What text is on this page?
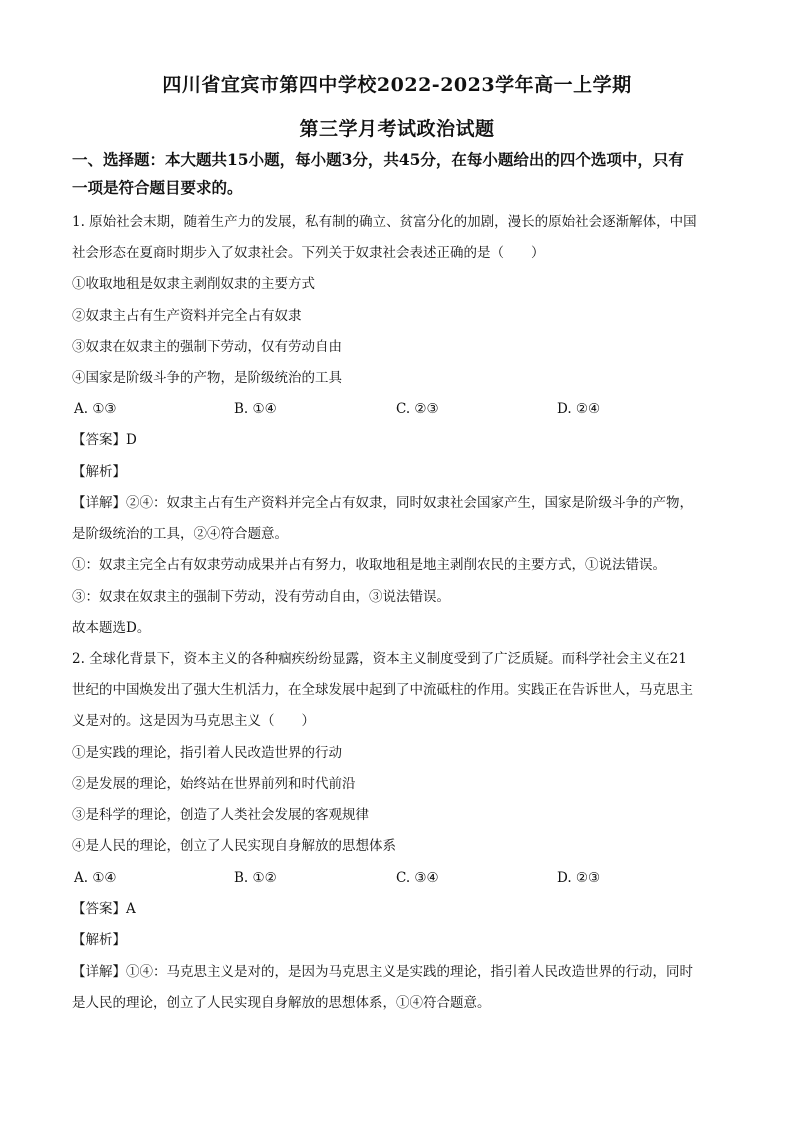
四川省宜宾市第四中学校2022-2023学年高一上学期
第三学月考试政治试题
一、选择题：本大题共15小题，每小题3分，共45分，在每小题给出的四个选项中，只有
一项是符合题目要求的。
1. 原始社会末期，随着生产力的发展，私有制的确立、贫富分化的加剧，漫长的原始社会逐渐解体，中国
社会形态在夏商时期步入了奴隶社会。下列关于奴隶社会表述正确的是（　　）
①收取地租是奴隶主剥削奴隶的主要方式
②奴隶主占有生产资料并完全占有奴隶
③奴隶在奴隶主的强制下劳动，仅有劳动自由
④国家是阶级斗争的产物，是阶级统治的工具
A. ①③	B. ①④	C. ②③	D. ②④
【答案】D
【解析】
【详解】②④：奴隶主占有生产资料并完全占有奴隶，同时奴隶社会国家产生，国家是阶级斗争的产物，
是阶级统治的工具，②④符合题意。
①：奴隶主完全占有奴隶劳动成果并占有努力，收取地租是地主剥削农民的主要方式，①说法错误。
③：奴隶在奴隶主的强制下劳动，没有劳动自由，③说法错误。
故本题选D。
2. 全球化背景下，资本主义的各种痼疾纷纷显露，资本主义制度受到了广泛质疑。而科学社会主义在21
世纪的中国焕发出了强大生机活力，在全球发展中起到了中流砥柱的作用。实践正在告诉世人，马克思主
义是对的。这是因为马克思主义（　　）
①是实践的理论，指引着人民改造世界的行动
②是发展的理论，始终站在世界前列和时代前沿
③是科学的理论，创造了人类社会发展的客观规律
④是人民的理论，创立了人民实现自身解放的思想体系
A. ①④	B. ①②	C. ③④	D. ②③
【答案】A
【解析】
【详解】①④：马克思主义是对的，是因为马克思主义是实践的理论，指引着人民改造世界的行动，同时
是人民的理论，创立了人民实现自身解放的思想体系，①④符合题意。
